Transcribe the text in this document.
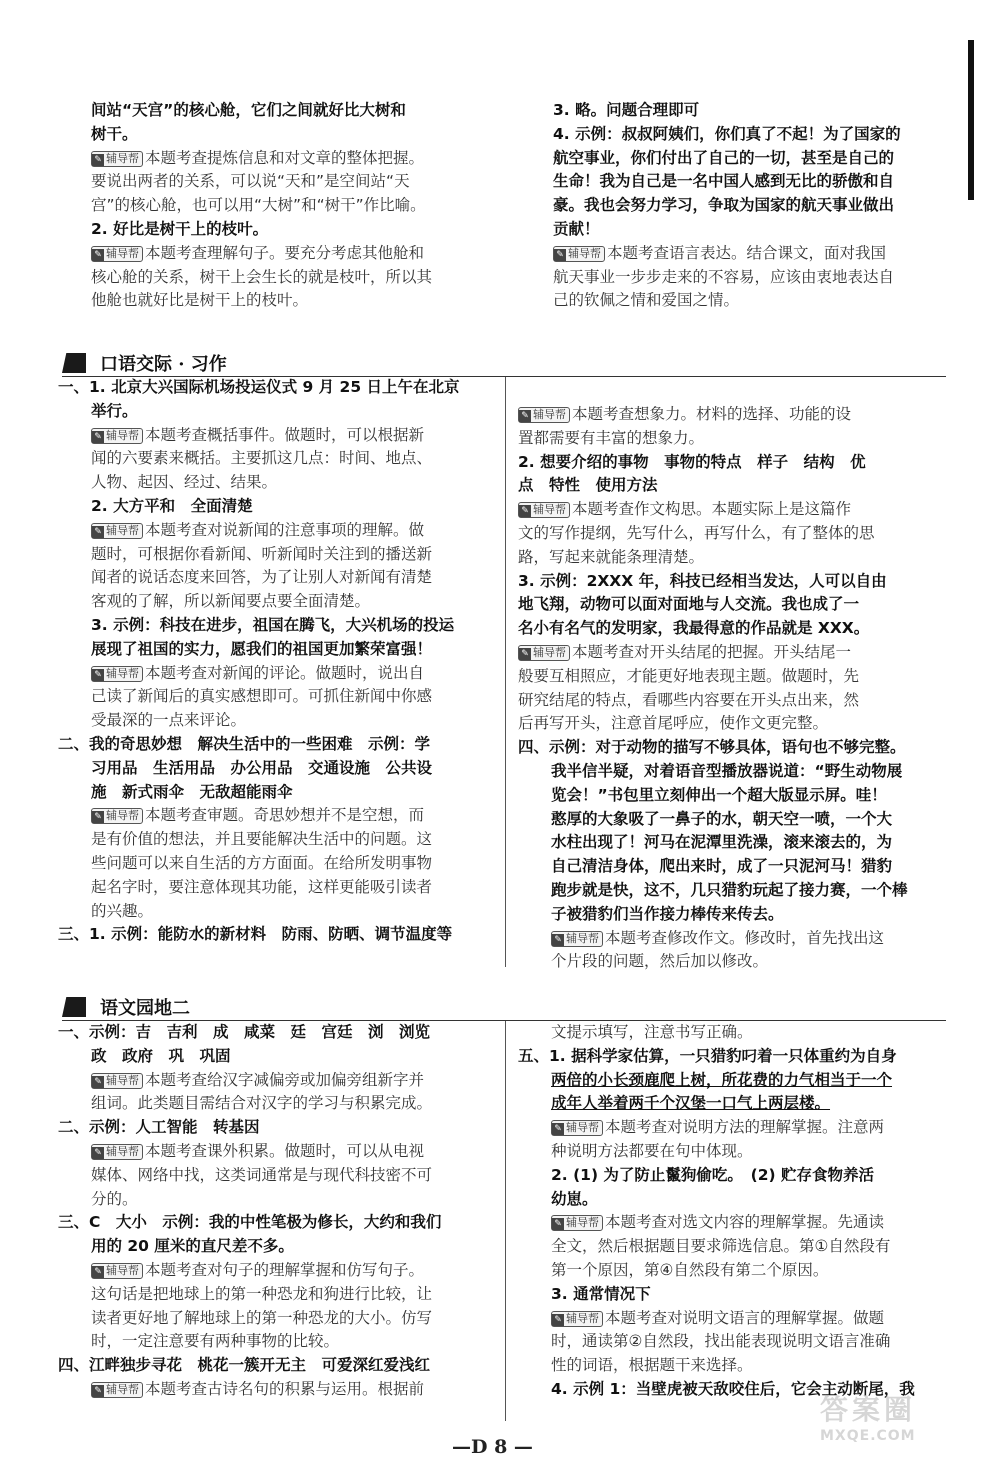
间站“天宫”的核心舱，它们之间就好比大树和

树干。

✎ 辅导帮 本题考查提炼信息和对文章的整体把握。

要说出两者的关系，可以说“天和”是空间站“天

宫”的核心舱，也可以用“大树”和“树干”作比喻。

2. 好比是树干上的枝叶。

✎ 辅导帮 本题考查理解句子。要充分考虑其他舱和

核心舱的关系，树干上会生长的就是枝叶，所以其

他舱也就好比是树干上的枝叶。

3. 略。问题合理即可

4. 示例：叔叔阿姨们，你们真了不起！为了国家的

航空事业，你们付出了自己的一切，甚至是自己的

生命！我为自己是一名中国人感到无比的骄傲和自

豪。我也会努力学习，争取为国家的航天事业做出

贡献！

✎ 辅导帮 本题考查语言表达。结合课文，面对我国

航天事业一步步走来的不容易，应该由衷地表达自

己的钦佩之情和爱国之情。

口语交际 · 习作

一、1. 北京大兴国际机场投运仪式 9 月 25 日上午在北京

举行。

✎ 辅导帮 本题考查概括事件。做题时，可以根据新

闻的六要素来概括。主要抓这几点：时间、地点、

人物、起因、经过、结果。

2. 大方平和　全面清楚

✎ 辅导帮 本题考查对说新闻的注意事项的理解。做

题时，可根据你看新闻、听新闻时关注到的播送新

闻者的说话态度来回答，为了让别人对新闻有清楚

客观的了解，所以新闻要点要全面清楚。

3. 示例：科技在进步，祖国在腾飞，大兴机场的投运

展现了祖国的实力，愿我们的祖国更加繁荣富强！

✎ 辅导帮 本题考查对新闻的评论。做题时，说出自

己读了新闻后的真实感想即可。可抓住新闻中你感

受最深的一点来评论。

二、我的奇思妙想　解决生活中的一些困难　示例：学

习用品　生活用品　办公用品　交通设施　公共设

施　新式雨伞　无敌超能雨伞

✎ 辅导帮 本题考查审题。奇思妙想并不是空想，而

是有价值的想法，并且要能解决生活中的问题。这

些问题可以来自生活的方方面面。在给所发明事物

起名字时，要注意体现其功能，这样更能吸引读者

的兴趣。

三、1. 示例：能防水的新材料　防雨、防晒、调节温度等

✎ 辅导帮 本题考查想象力。材料的选择、功能的设

置都需要有丰富的想象力。

2. 想要介绍的事物　事物的特点　样子　结构　优

点　特性　使用方法

✎ 辅导帮 本题考查作文构思。本题实际上是这篇作

文的写作提纲，先写什么，再写什么，有了整体的思

路，写起来就能条理清楚。

3. 示例：2XXX 年，科技已经相当发达，人可以自由

地飞翔，动物可以面对面地与人交流。我也成了一

名小有名气的发明家，我最得意的作品就是 XXX。

✎ 辅导帮 本题考查对开头结尾的把握。开头结尾一

般要互相照应，才能更好地表现主题。做题时，先

研究结尾的特点，看哪些内容要在开头点出来，然

后再写开头，注意首尾呼应，使作文更完整。

四、示例：对于动物的描写不够具体，语句也不够完整。

我半信半疑，对着语音型播放器说道：“野生动物展

览会！”书包里立刻伸出一个超大版显示屏。哇！

憨厚的大象吸了一鼻子的水，朝天空一喷，一个大

水柱出现了！河马在泥潭里洗澡，滚来滚去的，为

自己清洁身体，爬出来时，成了一只泥河马！猎豹

跑步就是快，这不，几只猎豹玩起了接力赛，一个棒

子被猎豹们当作接力棒传来传去。

✎ 辅导帮 本题考查修改作文。修改时，首先找出这

个片段的问题，然后加以修改。

语文园地二

一、示例：吉　吉利　成　咸菜　廷　宫廷　浏　浏览

政　政府　巩　巩固

✎ 辅导帮 本题考查给汉字减偏旁或加偏旁组新字并

组词。此类题目需结合对汉字的学习与积累完成。

二、示例：人工智能　转基因

✎ 辅导帮 本题考查课外积累。做题时，可以从电视

媒体、网络中找，这类词通常是与现代科技密不可

分的。

三、C　大小　示例：我的中性笔极为修长，大约和我们

用的 20 厘米的直尺差不多。

✎ 辅导帮 本题考查对句子的理解掌握和仿写句子。

这句话是把地球上的第一种恐龙和狗进行比较，让

读者更好地了解地球上的第一种恐龙的大小。仿写

时，一定注意要有两种事物的比较。

四、江畔独步寻花　桃花一簇开无主　可爱深红爱浅红

✎ 辅导帮 本题考查古诗名句的积累与运用。根据前

文提示填写，注意书写正确。

五、1. 据科学家估算，一只猎豹叼着一只体重约为自身

两倍的小长颈鹿爬上树，所花费的力气相当于一个

成年人举着两千个汉堡一口气上两层楼。

✎ 辅导帮 本题考查对说明方法的理解掌握。注意两

种说明方法都要在句中体现。

2. (1) 为了防止鬣狗偷吃。　(2) 贮存食物养活

幼崽。

✎ 辅导帮 本题考查对选文内容的理解掌握。先通读

全文，然后根据题目要求筛选信息。第①自然段有

第一个原因，第④自然段有第二个原因。

3. 通常情况下

✎ 辅导帮 本题考查对说明文语言的理解掌握。做题

时，通读第②自然段，找出能表现说明文语言准确

性的词语，根据题干来选择。

4. 示例 1：当壁虎被天敌咬住后，它会主动断尾，我

—D 8 —
答案圈
MXQE.COM
